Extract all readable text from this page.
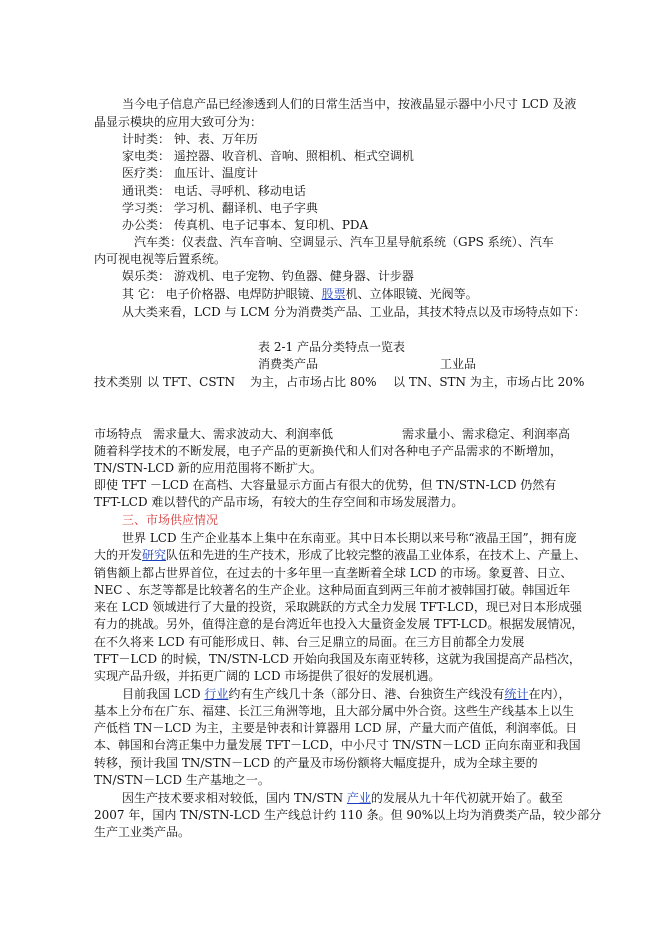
当今电子信息产品已经渗透到人们的日常生活当中，按液晶显示器中小尺寸 LCD 及液
晶显示模块的应用大致可分为：
计时类： 钟、表、万年历
家电类： 遥控器、收音机、音响、照相机、柜式空调机
医疗类： 血压计、温度计
通讯类： 电话、寻呼机、移动电话
学习类： 学习机、翻译机、电子字典
办公类： 传真机、电子记事本、复印机、PDA
汽车类：仪表盘、汽车音响、空调显示、汽车卫星导航系统（GPS 系统）、汽车
内可视电视等后置系统。
娱乐类： 游戏机、电子宠物、钓鱼器、健身器、计步器
其 它： 电子价格器、电焊防护眼镜、股票机、立体眼镜、光阀等。
从大类来看，LCD 与 LCM 分为消费类产品、工业品，其技术特点以及市场特点如下：
表 2-1 产品分类特点一览表
消费类产品	工业品
技术类别 以 TFT、CSTN 为主，占市场占比 80% 以 TN、STN 为主，市场占比 20%
市场特点 需求量大、需求波动大、利润率低	需求量小、需求稳定、利润率高
随着科学技术的不断发展，电子产品的更新换代和人们对各种电子产品需求的不断增加，
TN/STN-LCD 新的应用范围将不断扩大。
即使 TFT －LCD 在高档、大容量显示方面占有很大的优势，但 TN/STN-LCD 仍然有
TFT-LCD 难以替代的产品市场，有较大的生存空间和市场发展潜力。
三、市场供应情况
世界 LCD 生产企业基本上集中在东南亚。其中日本长期以来号称“液晶王国”，拥有庞
大的开发研究队伍和先进的生产技术，形成了比较完整的液晶工业体系，在技术上、产量上、
销售额上都占世界首位，在过去的十多年里一直垄断着全球 LCD 的市场。象夏普、日立、
NEC 、东芝等都是比较著名的生产企业。这种局面直到两三年前才被韩国打破。韩国近年
来在 LCD 领域进行了大量的投资，采取跳跃的方式全力发展 TFT-LCD，现已对日本形成强
有力的挑战。另外，值得注意的是台湾近年也投入大量资金发展 TFT-LCD。根据发展情况，
在不久将来 LCD 有可能形成日、韩、台三足鼎立的局面。在三方目前都全力发展
TFT－LCD 的时候，TN/STN-LCD 开始向我国及东南亚转移，这就为我国提高产品档次，
实现产品升级，并拓更广阔的 LCD 市场提供了很好的发展机遇。
目前我国 LCD 行业约有生产线几十条（部分日、港、台独资生产线没有统计在内），
基本上分布在广东、福建、长江三角洲等地，且大部分属中外合资。这些生产线基本上以生
产低档 TN－LCD 为主，主要是钟表和计算器用 LCD 屏，产量大而产值低，利润率低。日
本、韩国和台湾正集中力量发展 TFT－LCD，中小尺寸 TN/STN－LCD 正向东南亚和我国
转移，预计我国 TN/STN－LCD 的产量及市场份额将大幅度提升，成为全球主要的
TN/STN－LCD 生产基地之一。
因生产技术要求相对较低，国内 TN/STN 产业的发展从九十年代初就开始了。截至
2007 年，国内 TN/STN-LCD 生产线总计约 110 条。但 90%以上均为消费类产品，较少部分
生产工业类产品。
